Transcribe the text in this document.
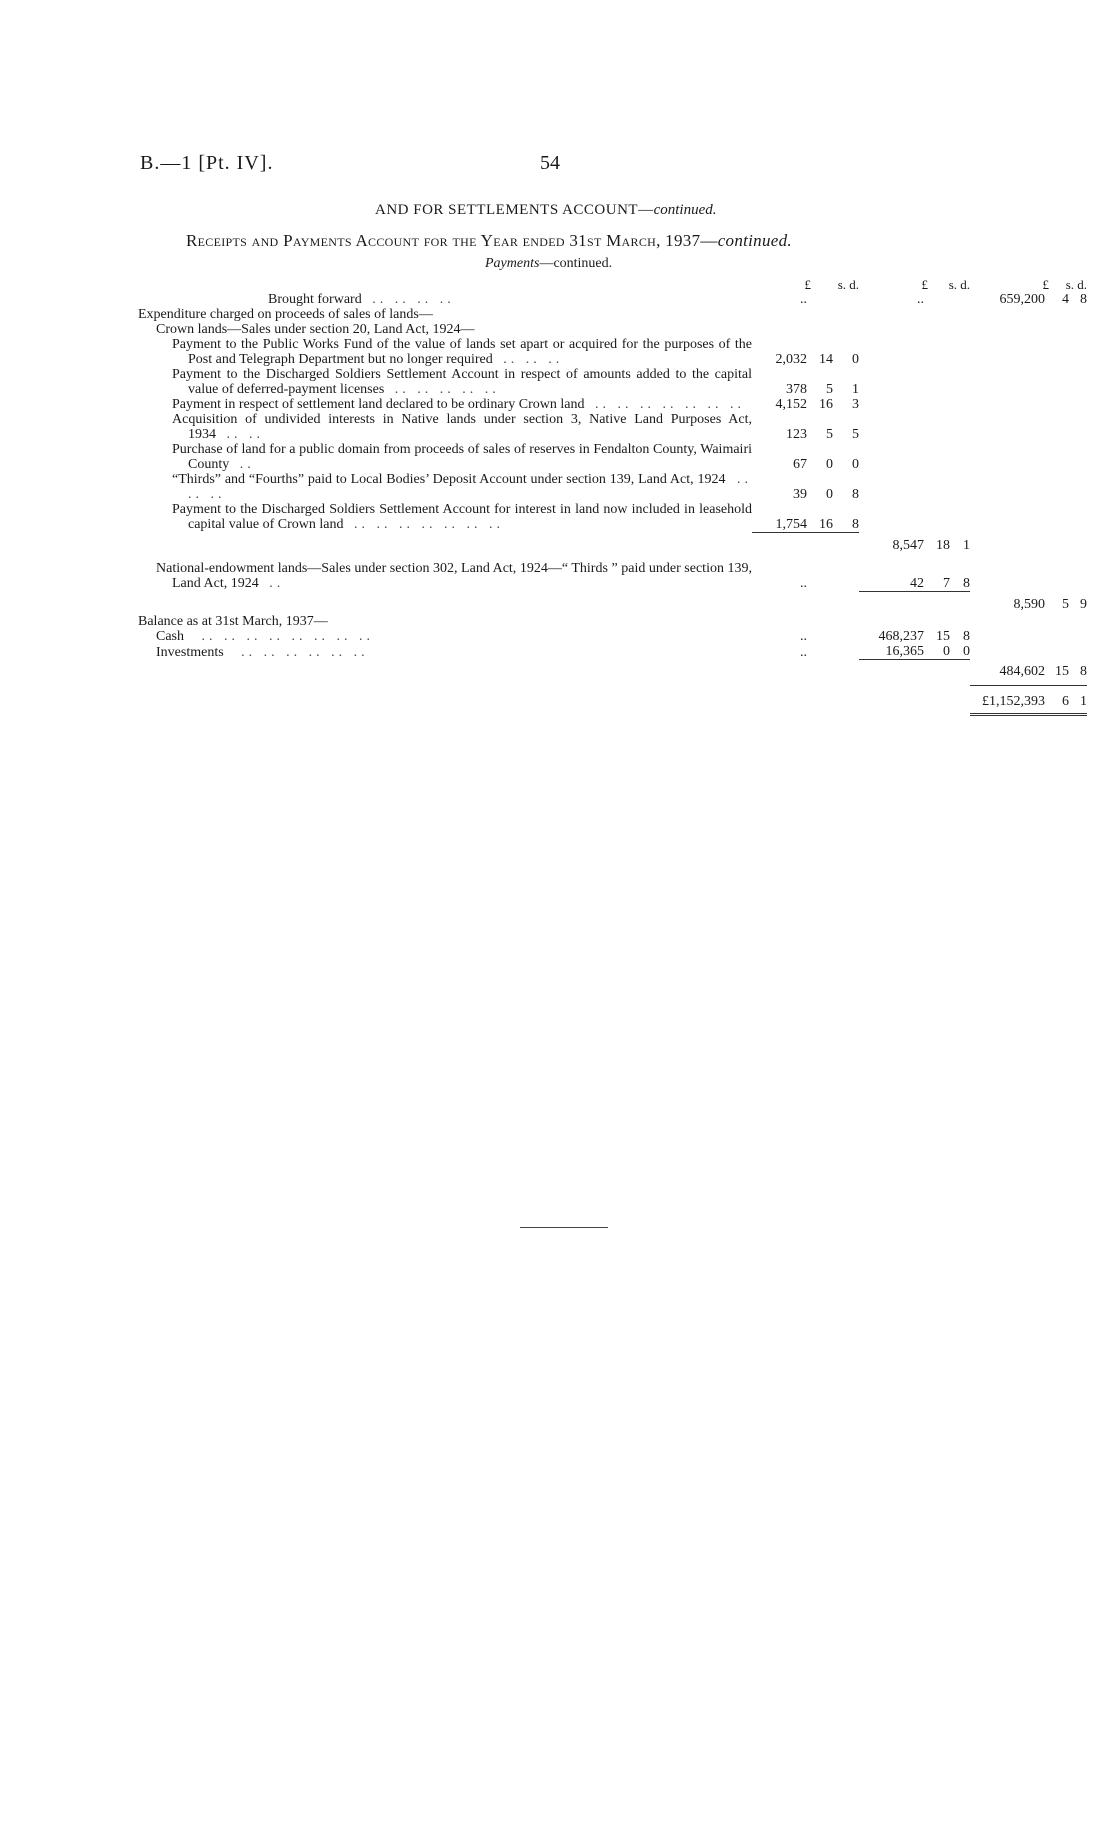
B.—1 [Pt. IV].	54
AND FOR SETTLEMENTS ACCOUNT—continued.
Receipts and Payments Account for the Year ended 31st March, 1937—continued.
Payments—continued.
	£	s. d.		£	s. d.		£	s. d.	
Brought forward .. .. .. ..	..			..			659,200	4	8
Expenditure charged on proceeds of sales of lands—									
Crown lands—Sales under section 20, Land Act, 1924—									

Payment to the Public Works Fund of the value of lands set apart or acquired for the purposes of the Post and Telegraph Department but no longer required .. .. ..	2,032	14	0						

Payment to the Discharged Soldiers Settlement Account in respect of amounts added to the capital value of deferred-payment licenses .. .. .. .. ..	378	5	1						

Payment in respect of settlement land declared to be ordinary Crown land .. .. .. .. .. .. ..	4,152	16	3						

Acquisition of undivided interests in Native lands under section 3, Native Land Purposes Act, 1934 .. ..	123	5	5						

Purchase of land for a public domain from proceeds of sales of reserves in Fendalton County, Waimairi County ..	67	0	0						

“Thirds” and “Fourths” paid to Local Bodies’ Deposit Account under section 139, Land Act, 1924 .. .. ..	39	0	8						

Payment to the Discharged Soldiers Settlement Account for interest in land now included in leasehold capital value of Crown land .. .. .. .. .. .. ..	1,754	16	8						
				8,547	18	1			

National-endowment lands—Sales under section 302, Land Act, 1924—“ Thirds ” paid under section 139, Land Act, 1924 ..	..			42	7	8			
							8,590	5	9
Balance as at 31st March, 1937—									
Cash .. .. .. .. .. .. .. ..	..			468,237	15	8			
Investments .. .. .. .. .. ..	..			16,365	0	0			
							484,602	15	8
							£1,152,393	6	1
